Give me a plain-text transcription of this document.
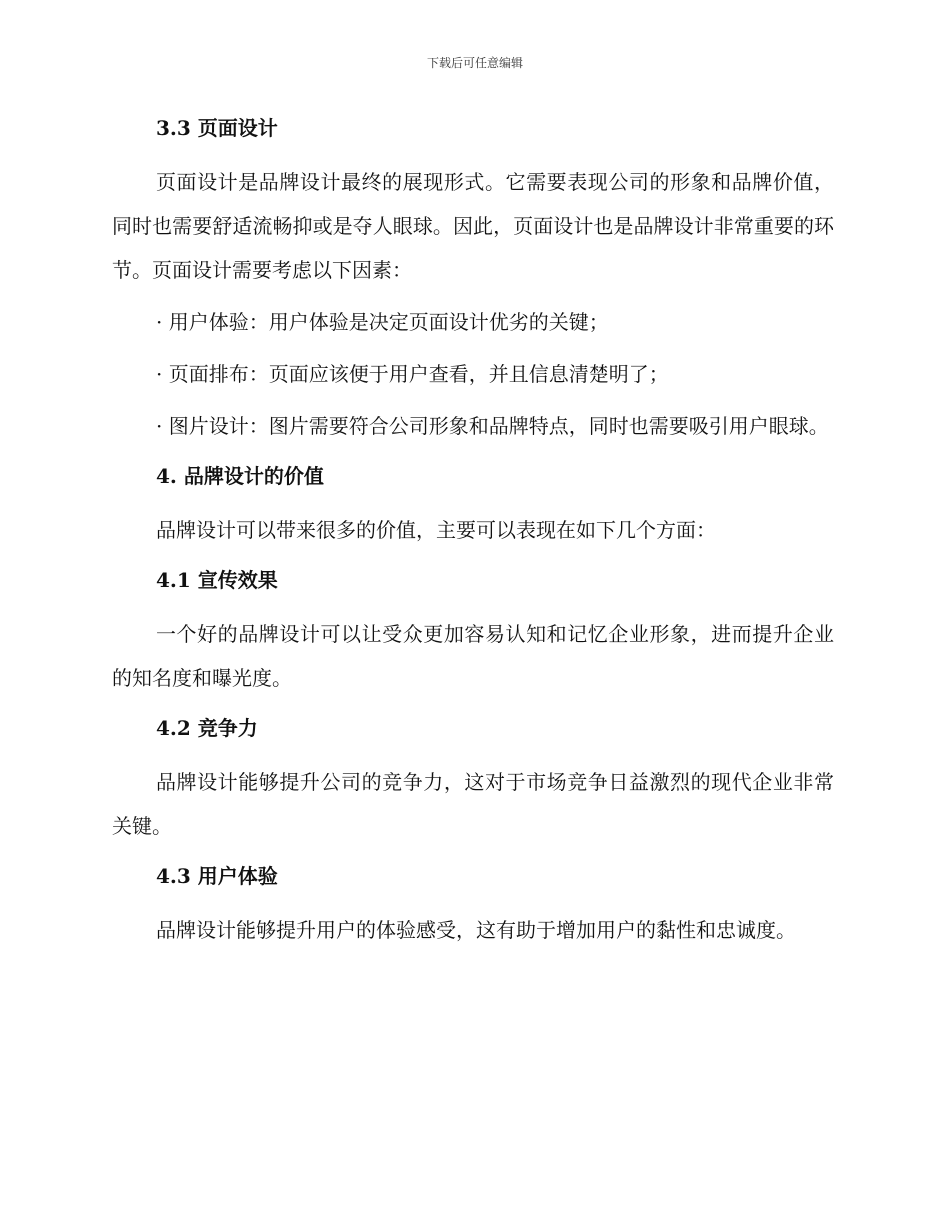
下载后可任意编辑
3.3 页面设计

页面设计是品牌设计最终的展现形式。它需要表现公司的形象和品牌价值，同时也需要舒适流畅抑或是夺人眼球。因此，页面设计也是品牌设计非常重要的环节。页面设计需要考虑以下因素：

· 用户体验：用户体验是决定页面设计优劣的关键；

· 页面排布：页面应该便于用户查看，并且信息清楚明了；

· 图片设计：图片需要符合公司形象和品牌特点，同时也需要吸引用户眼球。

4. 品牌设计的价值

品牌设计可以带来很多的价值，主要可以表现在如下几个方面：

4.1 宣传效果

一个好的品牌设计可以让受众更加容易认知和记忆企业形象，进而提升企业的知名度和曝光度。

4.2 竞争力

品牌设计能够提升公司的竞争力，这对于市场竞争日益激烈的现代企业非常关键。

4.3 用户体验

品牌设计能够提升用户的体验感受，这有助于增加用户的黏性和忠诚度。
